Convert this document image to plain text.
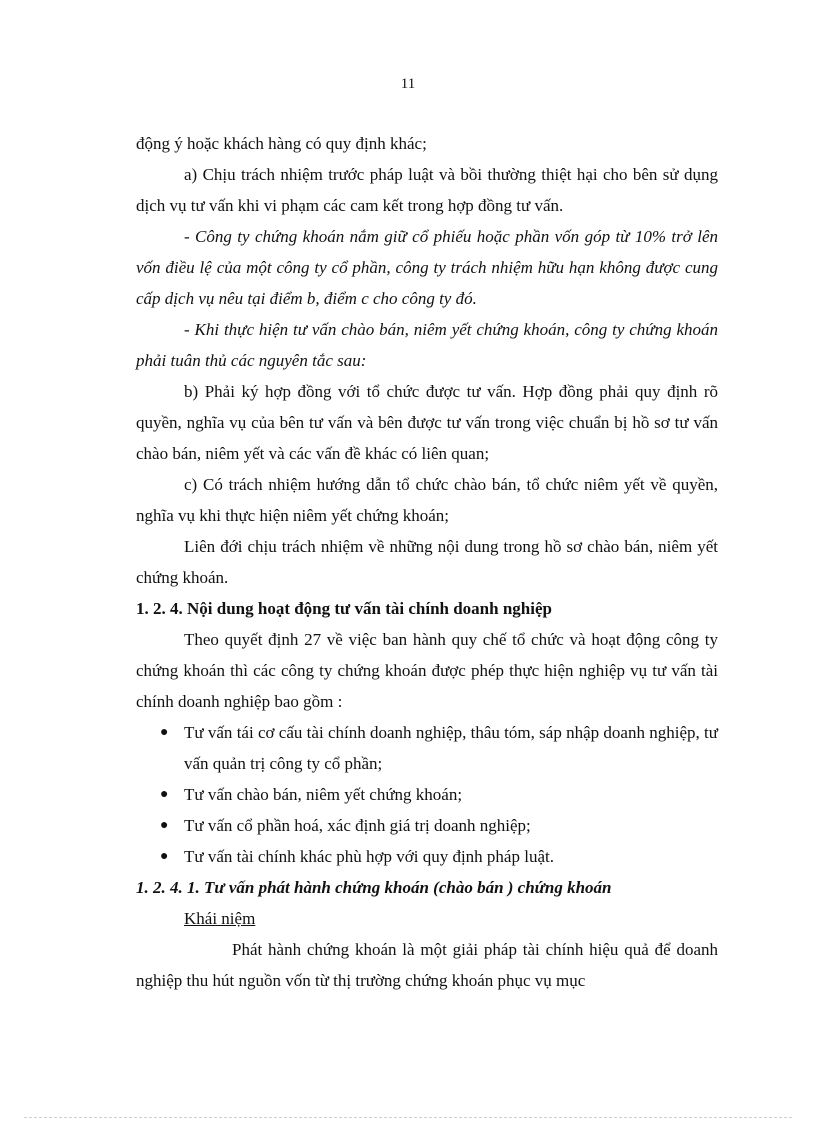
11

động ý hoặc khách hàng có quy định khác;

a) Chịu trách nhiệm trước pháp luật và bồi thường thiệt hại cho bên sử dụng dịch vụ tư vấn khi vi phạm các cam kết trong hợp đồng tư vấn.

- Công ty chứng khoán nắm giữ cổ phiếu hoặc phần vốn góp từ 10% trở lên vốn điều lệ của một công ty cổ phần, công ty trách nhiệm hữu hạn không được cung cấp dịch vụ nêu tại điểm b, điểm c cho công ty đó.

- Khi thực hiện tư vấn chào bán, niêm yết chứng khoán, công ty chứng khoán phải tuân thủ các nguyên tắc sau:

b) Phải ký hợp đồng với tổ chức được tư vấn. Hợp đồng phải quy định rõ quyền, nghĩa vụ của bên tư vấn và bên được tư vấn trong việc chuẩn bị hồ sơ tư vấn chào bán, niêm yết và các vấn đề khác có liên quan;

c) Có trách nhiệm hướng dẫn tổ chức chào bán, tổ chức niêm yết về quyền, nghĩa vụ khi thực hiện niêm yết chứng khoán;

Liên đới chịu trách nhiệm về những nội dung trong hồ sơ chào bán, niêm yết chứng khoán.

1. 2. 4. Nội dung hoạt động tư vấn tài chính doanh nghiệp

Theo quyết định 27 về việc ban hành quy chế tổ chức và hoạt động công ty chứng khoán thì các công ty chứng khoán được phép thực hiện nghiệp vụ tư vấn tài chính doanh nghiệp bao gồm :

● Tư vấn tái cơ cấu tài chính doanh nghiệp, thâu tóm, sáp nhập doanh nghiệp, tư vấn quản trị công ty cổ phần;
● Tư vấn chào bán, niêm yết chứng khoán;
● Tư vấn cổ phần hoá, xác định giá trị doanh nghiệp;
● Tư vấn tài chính khác phù hợp với quy định pháp luật.

1. 2. 4. 1. Tư vấn phát hành chứng khoán (chào bán ) chứng khoán

Khái niệm

Phát hành chứng khoán là một giải pháp tài chính hiệu quả để doanh nghiệp thu hút nguồn vốn từ thị trường chứng khoán phục vụ mục
